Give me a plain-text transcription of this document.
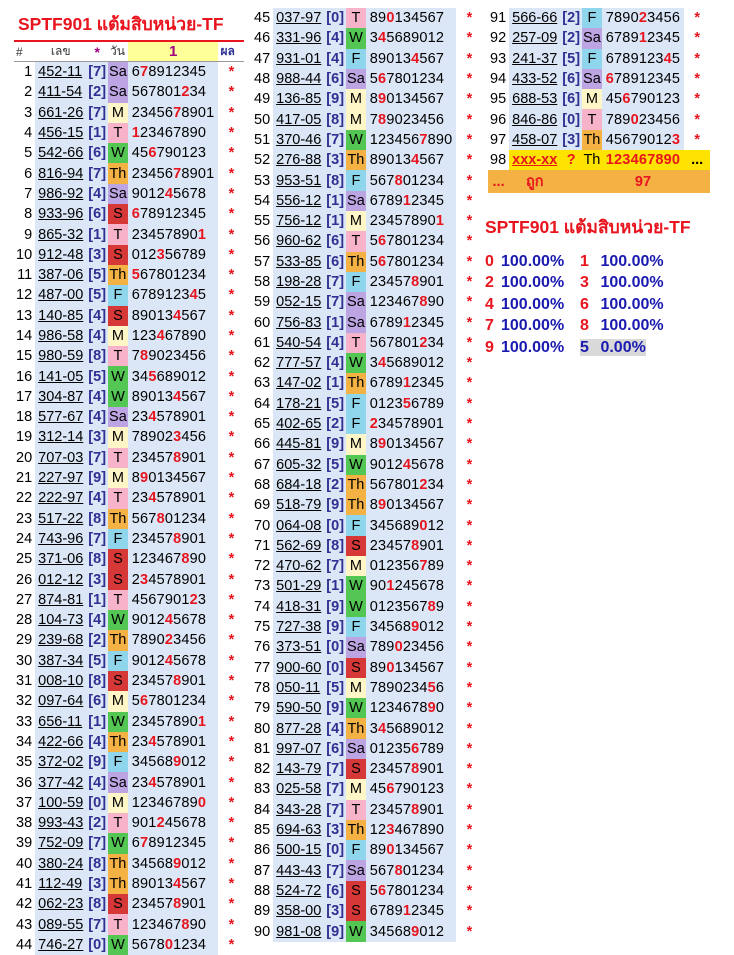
SPTF901 แต้มสิบหน่วย-TF					
#	เลข	*	วัน	1	ผล
1	452-11	[7]	Sa	678912345	*
2	411-54	[2]	Sa	567801234	*
3	661-26	[7]	M	2345678901	*
4	456-15	[1]	T	123467890	*
5	542-66	[6]	W	456790123	*
6	816-94	[7]	Th	2345678901	*
7	986-92	[4]	Sa	901245678	*
8	933-96	[6]	S	678912345	*
9	865-32	[1]	T	234578901	*
10	912-48	[3]	S	012356789	*
11	387-06	[5]	Th	567801234	*
12	487-00	[5]	F	678912345	*
13	140-85	[4]	S	890134567	*
14	986-58	[4]	M	123467890	*
15	980-59	[8]	T	789023456	*
16	141-05	[5]	W	345689012	*
17	304-87	[4]	W	890134567	*
18	577-67	[4]	Sa	234578901	*
19	312-14	[3]	M	789023456	*
20	707-03	[7]	T	234578901	*
21	227-97	[9]	M	890134567	*
22	222-97	[4]	T	234578901	*
23	517-22	[8]	Th	567801234	*
24	743-96	[7]	F	234578901	*
25	371-06	[8]	S	123467890	*
26	012-12	[3]	S	234578901	*
27	874-81	[1]	T	456790123	*
28	104-73	[4]	W	901245678	*
29	239-68	[2]	Th	789023456	*
30	387-34	[5]	F	901245678	*
31	008-10	[8]	S	234578901	*
32	097-64	[6]	M	567801234	*
33	656-11	[1]	W	234578901	*
34	422-66	[4]	Th	234578901	*
35	372-02	[9]	F	345689012	*
36	377-42	[4]	Sa	234578901	*
37	100-59	[0]	M	123467890	*
38	993-43	[2]	T	901245678	*
39	752-09	[7]	W	678912345	*
40	380-24	[8]	Th	345689012	*
41	112-49	[3]	Th	890134567	*
42	062-23	[8]	S	234578901	*
43	089-55	[7]	T	123467890	*
44	746-27	[0]	W	567801234	*
45	037-97	[0]	T	890134567	*
46	331-96	[4]	W	345689012	*
47	931-01	[4]	F	890134567	*
48	988-44	[6]	Sa	567801234	*
49	136-85	[9]	M	890134567	*
50	417-05	[8]	M	789023456	*
51	370-46	[7]	W	1234567890	*
52	276-88	[3]	Th	890134567	*
53	953-51	[8]	F	567801234	*
54	556-12	[1]	Sa	678912345	*
55	756-12	[1]	M	234578901	*
56	960-62	[6]	T	567801234	*
57	533-85	[6]	Th	567801234	*
58	198-28	[7]	F	234578901	*
59	052-15	[7]	Sa	123467890	*
60	756-83	[1]	Sa	678912345	*
61	540-54	[4]	T	567801234	*
62	777-57	[4]	W	345689012	*
63	147-02	[1]	Th	678912345	*
64	178-21	[5]	F	012356789	*
65	402-65	[2]	F	234578901	*
66	445-81	[9]	M	890134567	*
67	605-32	[5]	W	901245678	*
68	684-18	[2]	Th	567801234	*
69	518-79	[9]	Th	890134567	*
70	064-08	[0]	F	345689012	*
71	562-69	[8]	S	234578901	*
72	470-62	[7]	M	012356789	*
73	501-29	[1]	W	901245678	*
74	418-31	[9]	W	012356789	*
75	727-38	[9]	F	345689012	*
76	373-51	[0]	Sa	789023456	*
77	900-60	[0]	S	890134567	*
78	050-11	[5]	M	789023456	*
79	590-50	[9]	W	123467890	*
80	877-28	[4]	Th	345689012	*
81	997-07	[6]	Sa	012356789	*
82	143-79	[7]	S	234578901	*
83	025-58	[7]	M	456790123	*
84	343-28	[7]	T	234578901	*
85	694-63	[3]	Th	123467890	*
86	500-15	[0]	F	890134567	*
87	443-43	[7]	Sa	567801234	*
88	524-72	[6]	S	567801234	*
89	358-00	[3]	S	678912345	*
90	981-08	[9]	W	345689012	*
91	566-66	[2]	F	789023456	*
92	257-09	[2]	Sa	678912345	*
93	241-37	[5]	F	678912345	*
94	433-52	[6]	Sa	678912345	*
95	688-53	[6]	M	456790123	*
96	846-86	[0]	T	789023456	*
97	458-07	[3]	Th	456790123	*
98	xxx-xx	?	Th	123467890	...
...	ถูก			97	
SPTF901 แต้มสิบหน่วย-TF
0 100.00% 1 100.00%
2 100.00% 3 100.00%
4 100.00% 6 100.00%
7 100.00% 8 100.00%
9 100.00% 5 0.00%
